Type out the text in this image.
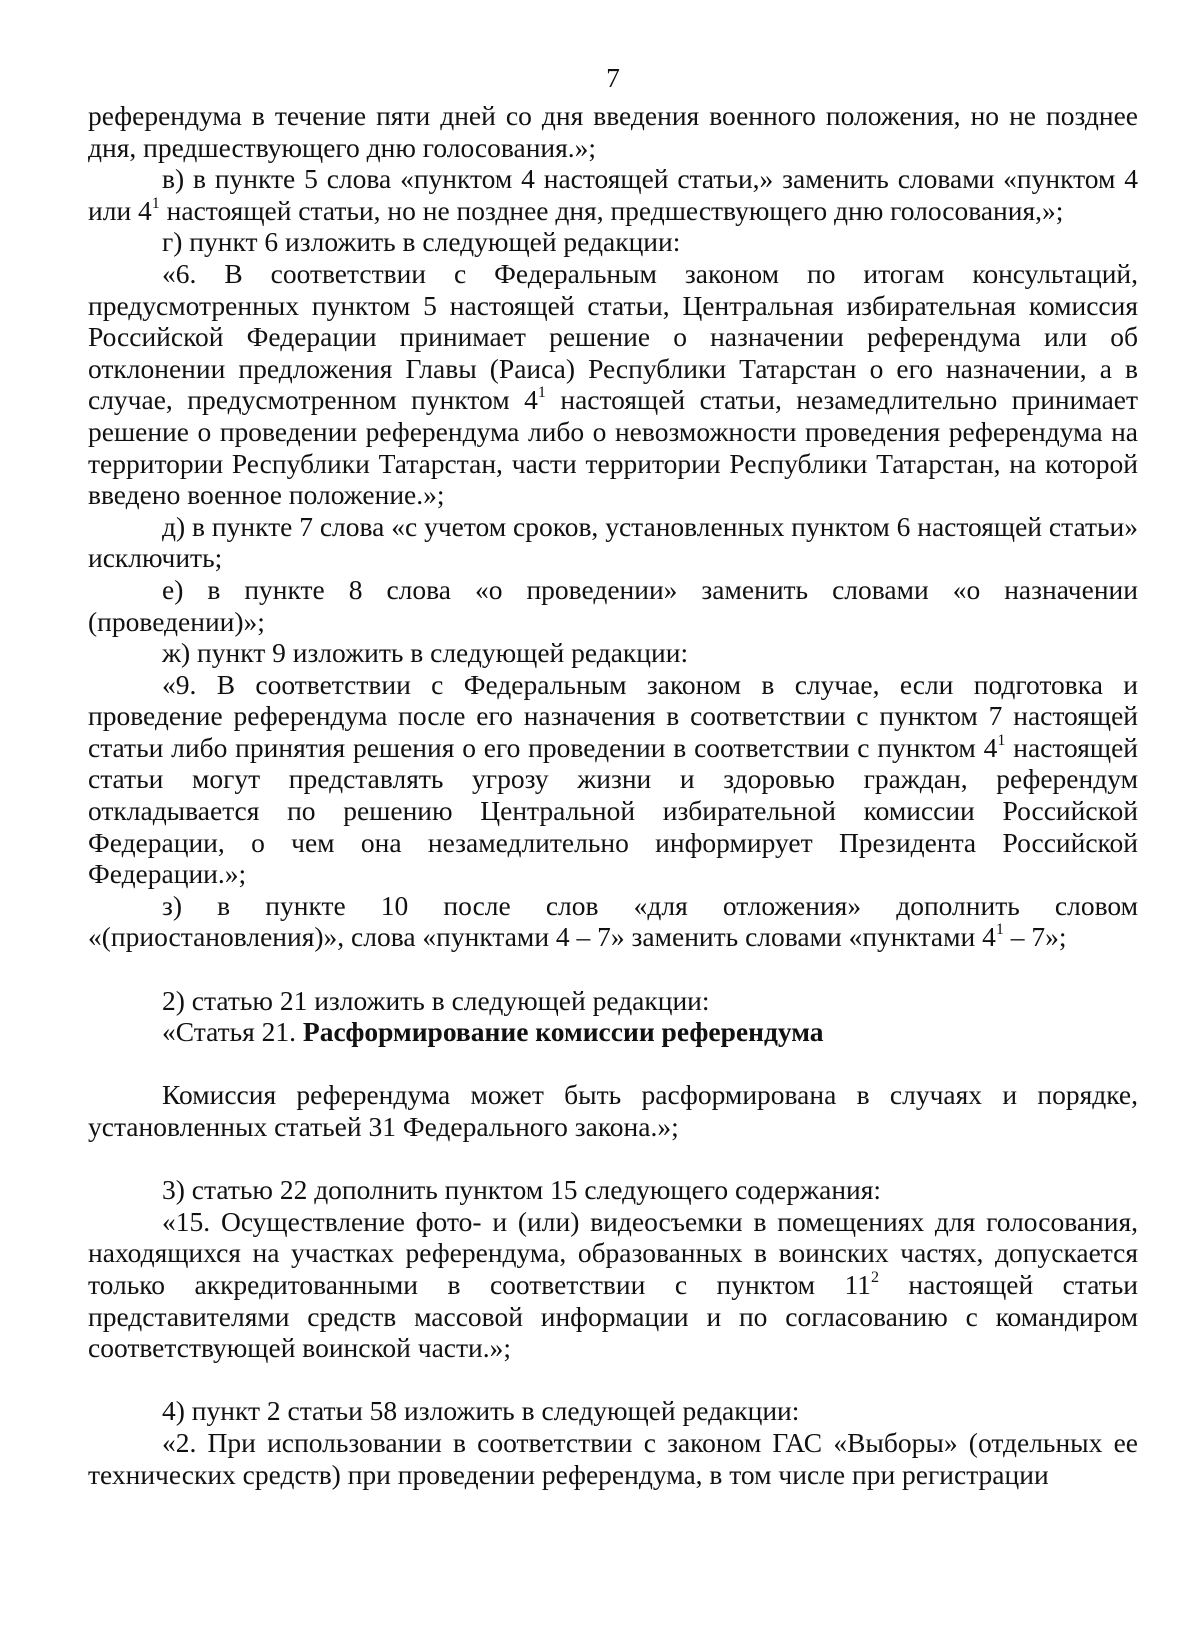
7

референдума в течение пяти дней со дня введения военного положения, но не позднее дня, предшествующего дню голосования.»;

в) в пункте 5 слова «пунктом 4 настоящей статьи,» заменить словами «пунктом 4 или $4^1$ настоящей статьи, но не позднее дня, предшествующего дню голосования,»;

г) пункт 6 изложить в следующей редакции:

«6. В соответствии с Федеральным законом по итогам консультаций, предусмотренных пунктом 5 настоящей статьи, Центральная избирательная комиссия Российской Федерации принимает решение о назначении референдума или об отклонении предложения Главы (Раиса) Республики Татарстан о его назначении, а в случае, предусмотренном пунктом $4^1$ настоящей статьи, незамедлительно принимает решение о проведении референдума либо о невозможности проведения референдума на территории Республики Татарстан, части территории Республики Татарстан, на которой введено военное положение.»;

д) в пункте 7 слова «с учетом сроков, установленных пунктом 6 настоящей статьи» исключить;

е) в пункте 8 слова «о проведении» заменить словами «о назначении (проведении)»;

ж) пункт 9 изложить в следующей редакции:

«9. В соответствии с Федеральным законом в случае, если подготовка и проведение референдума после его назначения в соответствии с пунктом 7 настоящей статьи либо принятия решения о его проведении в соответствии с пунктом $4^1$ настоящей статьи могут представлять угрозу жизни и здоровью граждан, референдум откладывается по решению Центральной избирательной комиссии Российской Федерации, о чем она незамедлительно информирует Президента Российской Федерации.»;

з) в пункте 10 после слов «для отложения» дополнить словом «(приостановления)», слова «пунктами 4 – 7» заменить словами «пунктами $4^1 - 7$»;

2) статью 21 изложить в следующей редакции:

«Статья 21. Расформирование комиссии референдума

Комиссия референдума может быть расформирована в случаях и порядке, установленных статьей 31 Федерального закона.»;

3) статью 22 дополнить пунктом 15 следующего содержания:

«15. Осуществление фото- и (или) видеосъемки в помещениях для голосования, находящихся на участках референдума, образованных в воинских частях, допускается только аккредитованными в соответствии с пунктом $11^2$ настоящей статьи представителями средств массовой информации и по согласованию с командиром соответствующей воинской части.»;

4) пункт 2 статьи 58 изложить в следующей редакции:

«2. При использовании в соответствии с законом ГАС «Выборы» (отдельных ее технических средств) при проведении референдума, в том числе при регистрации
